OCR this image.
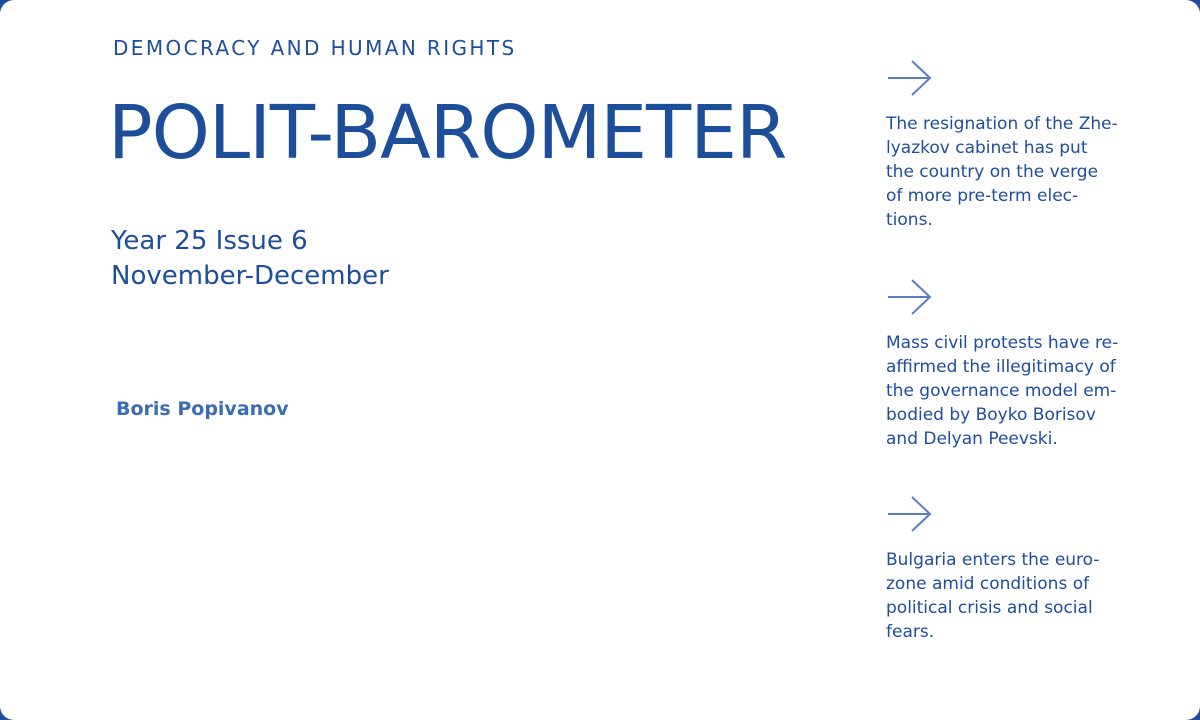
DEMOCRACY AND HUMAN RIGHTS
POLIT-BAROMETER
Year 25 Issue 6
November-December
Boris Popivanov
The resignation of the Zhe-
lyazkov cabinet has put
the country on the verge
of more pre-term elec-
tions.
Mass civil protests have re-
affirmed the illegitimacy of
the governance model em-
bodied by Boyko Borisov
and Delyan Peevski.
Bulgaria enters the euro-
zone amid conditions of
political crisis and social
fears.
